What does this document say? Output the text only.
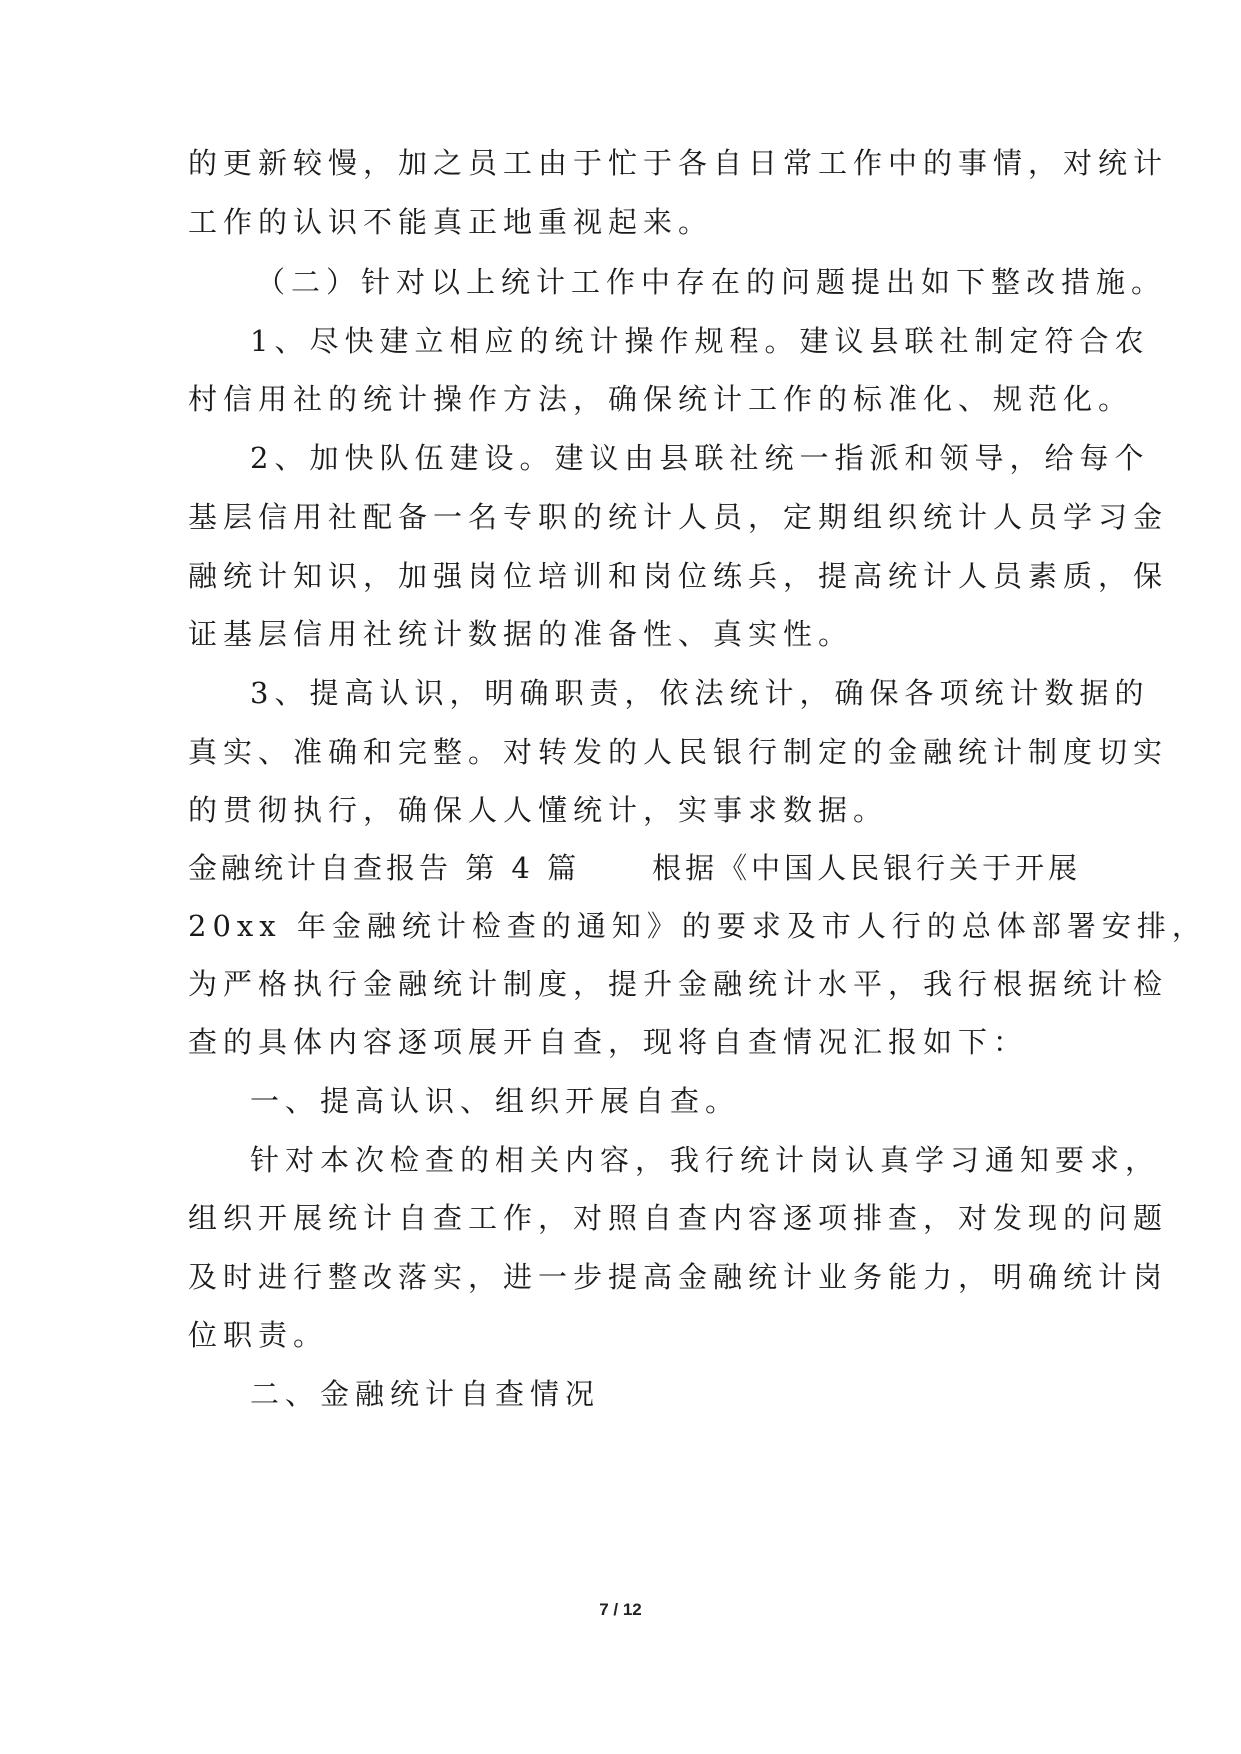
的更新较慢，加之员工由于忙于各自日常工作中的事情，对统计
工作的认识不能真正地重视起来。
（二）针对以上统计工作中存在的问题提出如下整改措施。
1、尽快建立相应的统计操作规程。建议县联社制定符合农
村信用社的统计操作方法，确保统计工作的标准化、规范化。
2、加快队伍建设。建议由县联社统一指派和领导，给每个
基层信用社配备一名专职的统计人员，定期组织统计人员学习金
融统计知识，加强岗位培训和岗位练兵，提高统计人员素质，保
证基层信用社统计数据的准备性、真实性。
3、提高认识，明确职责，依法统计，确保各项统计数据的
真实、准确和完整。对转发的人民银行制定的金融统计制度切实
的贯彻执行，确保人人懂统计，实事求数据。
金融统计自查报告 第 4 篇 根据《中国人民银行关于开展
20xx 年金融统计检查的通知》的要求及市人行的总体部署安排，
为严格执行金融统计制度，提升金融统计水平，我行根据统计检
查的具体内容逐项展开自查，现将自查情况汇报如下：
一、提高认识、组织开展自查。
针对本次检查的相关内容，我行统计岗认真学习通知要求，
组织开展统计自查工作，对照自查内容逐项排查，对发现的问题
及时进行整改落实，进一步提高金融统计业务能力，明确统计岗
位职责。
二、金融统计自查情况
7 / 12
